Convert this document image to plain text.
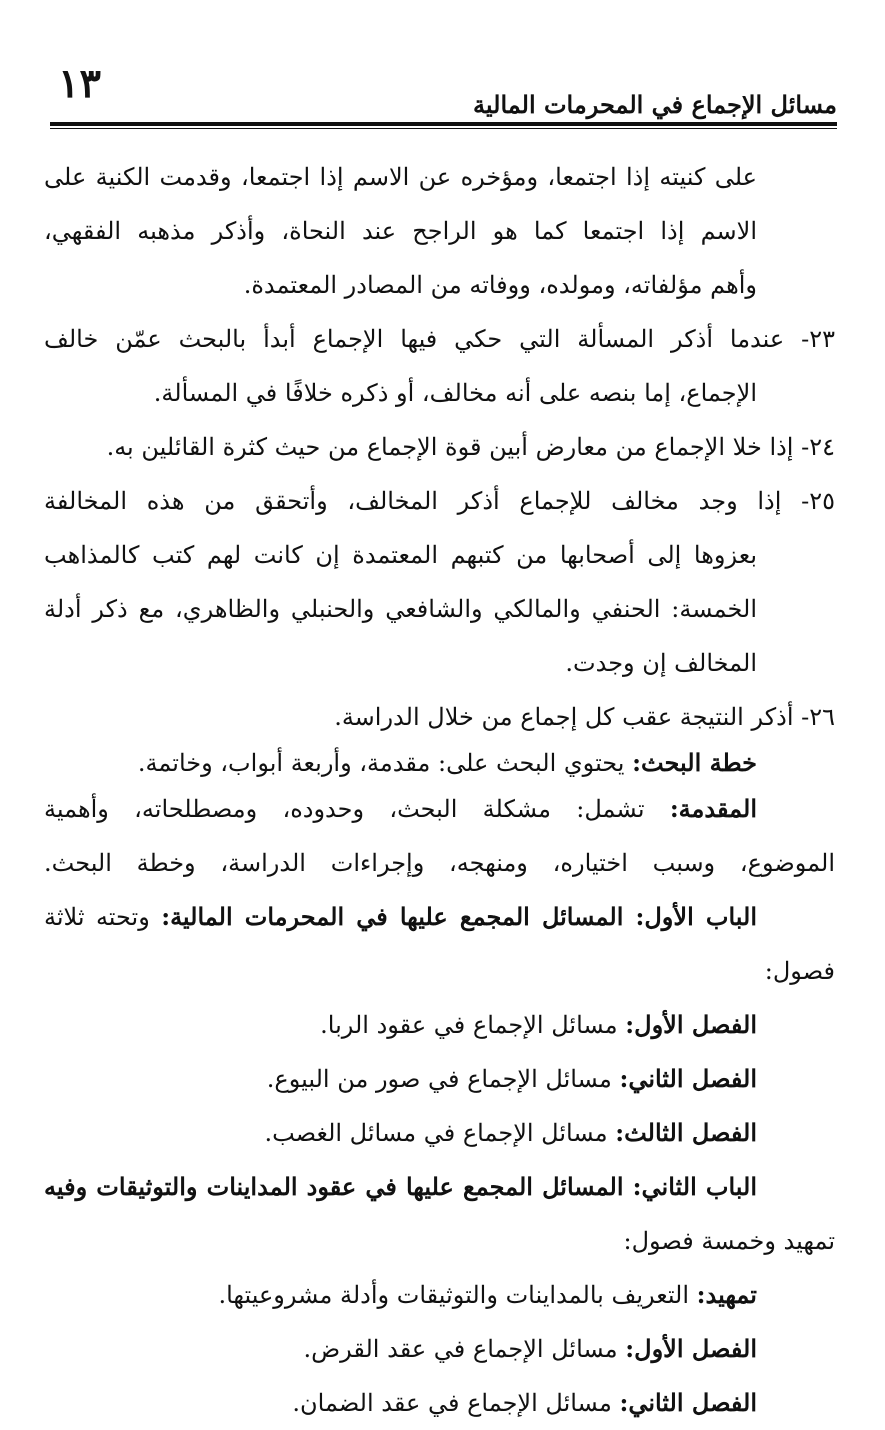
١٣	مسائل الإجماع في المحرمات المالية
على كنيته إذا اجتمعا، ومؤخره عن الاسم إذا اجتمعا، وقدمت الكنية على
الاسم إذا اجتمعا كما هو الراجح عند النحاة، وأذكر مذهبه الفقهي،
وأهم مؤلفاته، ومولده، ووفاته من المصادر المعتمدة.
٢٣- عندما أذكر المسألة التي حكي فيها الإجماع أبدأ بالبحث عمّن خالف
الإجماع، إما بنصه على أنه مخالف، أو ذكره خلافًا في المسألة.
٢٤- إذا خلا الإجماع من معارض أبين قوة الإجماع من حيث كثرة القائلين به.
٢٥- إذا وجد مخالف للإجماع أذكر المخالف، وأتحقق من هذه المخالفة
بعزوها إلى أصحابها من كتبهم المعتمدة إن كانت لهم كتب كالمذاهب
الخمسة: الحنفي والمالكي والشافعي والحنبلي والظاهري، مع ذكر أدلة
المخالف إن وجدت.
٢٦- أذكر النتيجة عقب كل إجماع من خلال الدراسة.
خطة البحث: يحتوي البحث على: مقدمة، وأربعة أبواب، وخاتمة.
المقدمة: تشمل: مشكلة البحث، وحدوده، ومصطلحاته، وأهمية
الموضوع، وسبب اختياره، ومنهجه، وإجراءات الدراسة، وخطة البحث.
الباب الأول: المسائل المجمع عليها في المحرمات المالية: وتحته ثلاثة
فصول:
الفصل الأول: مسائل الإجماع في عقود الربا.
الفصل الثاني: مسائل الإجماع في صور من البيوع.
الفصل الثالث: مسائل الإجماع في مسائل الغصب.
الباب الثاني: المسائل المجمع عليها في عقود المداينات والتوثيقات وفيه
تمهيد وخمسة فصول:
تمهيد: التعريف بالمداينات والتوثيقات وأدلة مشروعيتها.
الفصل الأول: مسائل الإجماع في عقد القرض.
الفصل الثاني: مسائل الإجماع في عقد الضمان.
